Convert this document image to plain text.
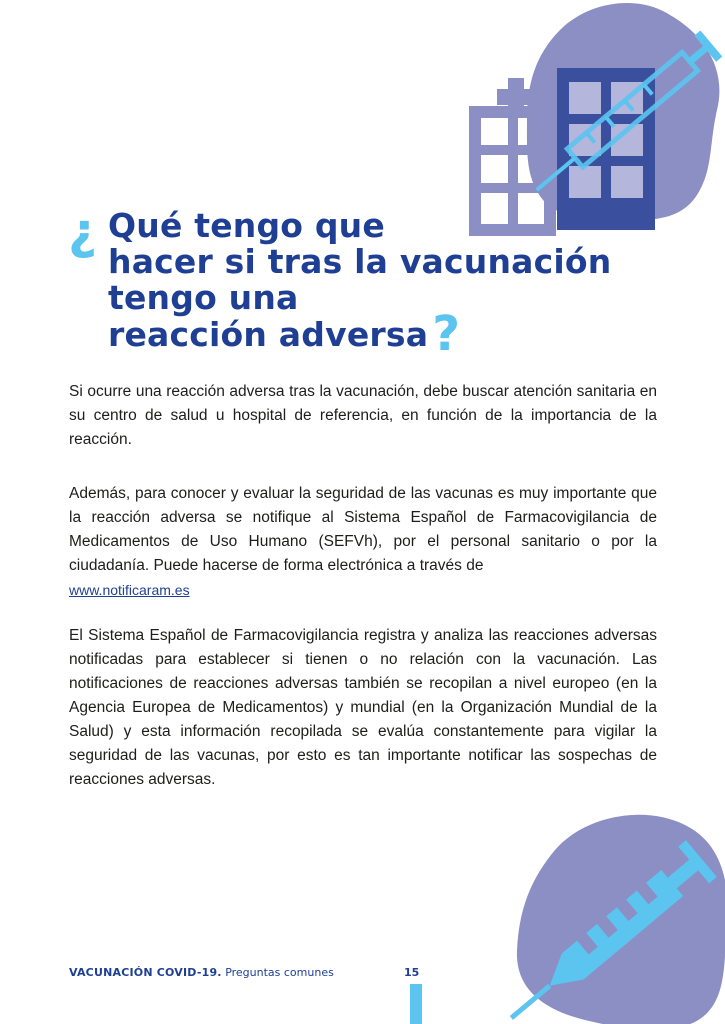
¿ Qué tengo que
hacer si tras la vacunación
tengo una
reacción adversa?
Si ocurre una reacción adversa tras la vacunación, debe buscar atención sanitaria en su centro de salud u hospital de referencia, en función de la importancia de la reacción.
Además, para conocer y evaluar la seguridad de las vacunas es muy importante que la reacción adversa se notifique al Sistema Español de Farmacovigilancia de Medicamentos de Uso Humano (SEFVh), por el personal sanitario o por la ciudadanía. Puede hacerse de forma electrónica a través de
www.notificaram.es
El Sistema Español de Farmacovigilancia registra y analiza las reacciones adversas notificadas para establecer si tienen o no relación con la vacunación. Las notificaciones de reacciones adversas también se recopilan a nivel europeo (en la Agencia Europea de Medicamentos) y mundial (en la Organización Mundial de la Salud) y esta información recopilada se evalúa constantemente para vigilar la seguridad de las vacunas, por esto es tan importante notificar las sospechas de reacciones adversas.
VACUNACIÓN COVID-19. Preguntas comunes	15
